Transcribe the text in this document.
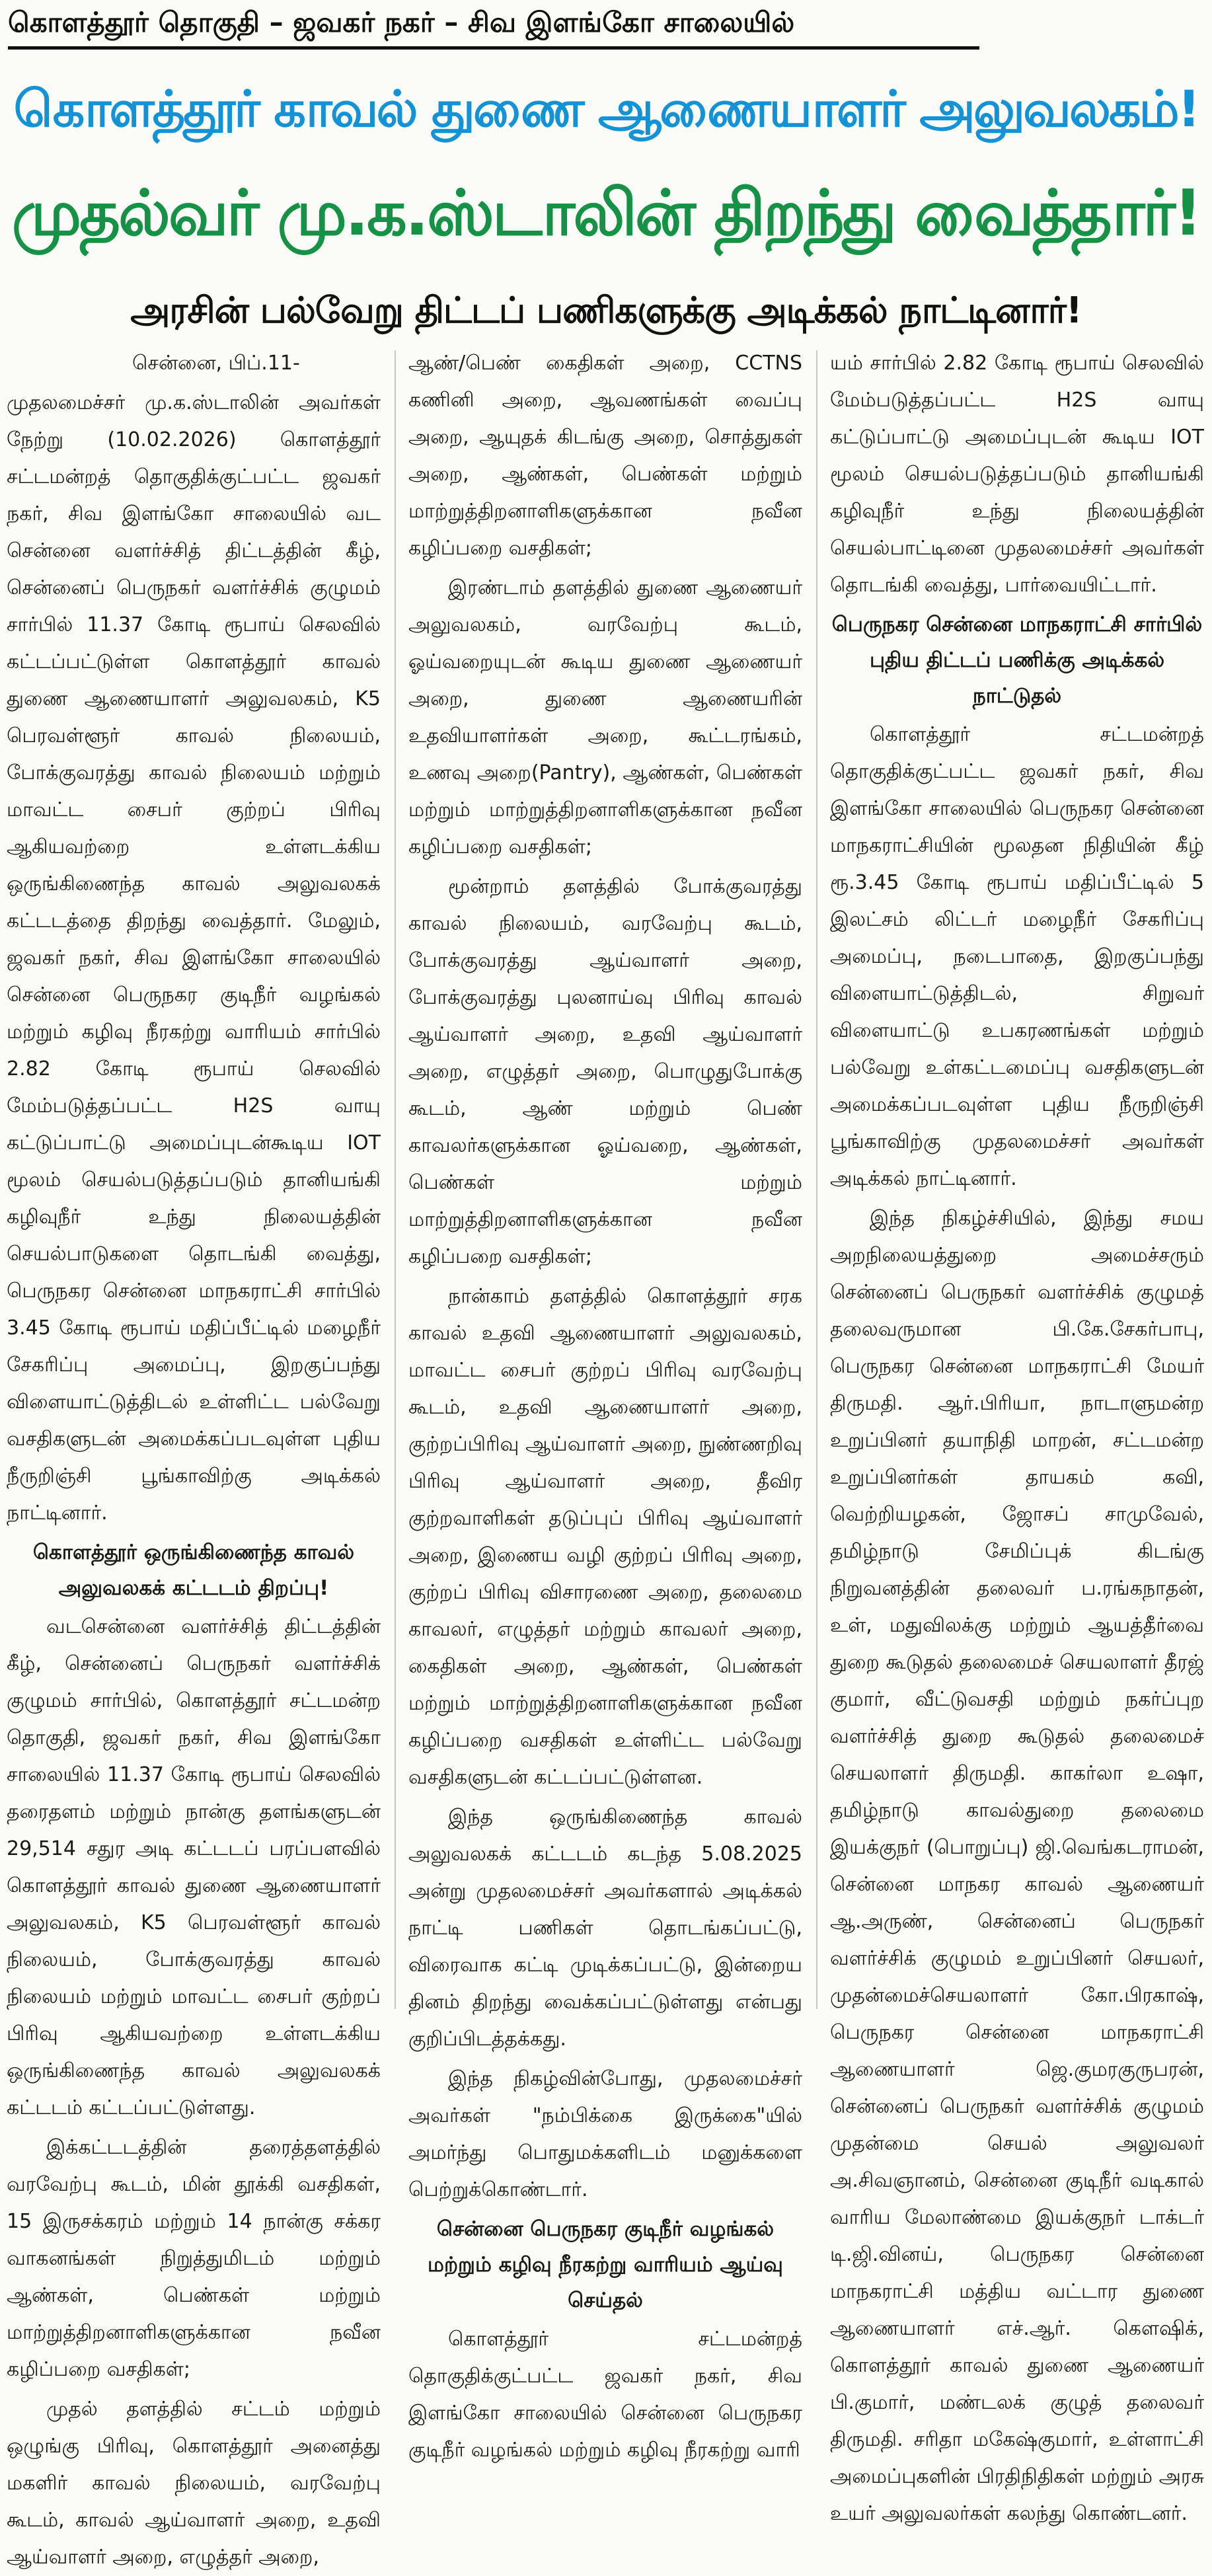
கொளத்தூர் தொகுதி – ஜவகர் நகர் – சிவ இளங்கோ சாலையில்
கொளத்தூர் காவல் துணை ஆணையாளர் அலுவலகம்!
முதல்வர் மு.க.ஸ்டாலின் திறந்து வைத்தார்!
அரசின் பல்வேறு திட்டப் பணிகளுக்கு அடிக்கல் நாட்டினார்!

சென்னை, பிப்.11-

முதலமைச்சர் மு.க.ஸ்டாலின் அவர்கள் நேற்று (10.02.2026) கொளத்தூர் சட்டமன்றத் தொகுதிக்குட்பட்ட ஜவகர் நகர், சிவ இளங்கோ சாலையில் வட சென்னை வளர்ச்சித் திட்டத்தின் கீழ், சென்னைப் பெருநகர் வளர்ச்சிக் குழுமம் சார்பில் 11.37 கோடி ரூபாய் செலவில் கட்டப்பட்டுள்ள கொளத்தூர் காவல் துணை ஆணையாளர் அலுவலகம், K5 பெரவள்ளூர் காவல் நிலையம், போக்குவரத்து காவல் நிலையம் மற்றும் மாவட்ட சைபர் குற்றப் பிரிவு ஆகியவற்றை உள்ளடக்கிய ஒருங்கிணைந்த காவல் அலுவலகக் கட்டடத்தை திறந்து வைத்தார். மேலும், ஜவகர் நகர், சிவ இளங்கோ சாலையில் சென்னை பெருநகர குடிநீர் வழங்கல் மற்றும் கழிவு நீரகற்று வாரியம் சார்பில் 2.82 கோடி ரூபாய் செலவில் மேம்படுத்தப்பட்ட H2S வாயு கட்டுப்பாட்டு அமைப்புடன்கூடிய IOT மூலம் செயல்படுத்தப்படும் தானியங்கி கழிவுநீர் உந்து நிலையத்தின் செயல்பாடுகளை தொடங்கி வைத்து, பெருநகர சென்னை மாநகராட்சி சார்பில் 3.45 கோடி ரூபாய் மதிப்பீட்டில் மழைநீர் சேகரிப்பு அமைப்பு, இறகுப்பந்து விளையாட்டுத்திடல் உள்ளிட்ட பல்வேறு வசதிகளுடன் அமைக்கப்படவுள்ள புதிய நீருறிஞ்சி பூங்காவிற்கு அடிக்கல் நாட்டினார்.

கொளத்தூர் ஒருங்கிணைந்த காவல் அலுவலகக் கட்டடம் திறப்பு!

வடசென்னை வளர்ச்சித் திட்டத்தின் கீழ், சென்னைப் பெருநகர் வளர்ச்சிக் குழுமம் சார்பில், கொளத்தூர் சட்டமன்ற தொகுதி, ஜவகர் நகர், சிவ இளங்கோ சாலையில் 11.37 கோடி ரூபாய் செலவில் தரைதளம் மற்றும் நான்கு தளங்களுடன் 29,514 சதுர அடி கட்டடப் பரப்பளவில் கொளத்தூர் காவல் துணை ஆணையாளர் அலுவலகம், K5 பெரவள்ளூர் காவல் நிலையம், போக்குவரத்து காவல் நிலையம் மற்றும் மாவட்ட சைபர் குற்றப் பிரிவு ஆகியவற்றை உள்ளடக்கிய ஒருங்கிணைந்த காவல் அலுவலகக் கட்டடம் கட்டப்பட்டுள்ளது.

இக்கட்டடத்தின் தரைத்தளத்தில் வரவேற்பு கூடம், மின் தூக்கி வசதிகள், 15 இருசக்கரம் மற்றும் 14 நான்கு சக்கர வாகனங்கள் நிறுத்துமிடம் மற்றும் ஆண்கள், பெண்கள் மற்றும் மாற்றுத்திறனாளிகளுக்கான நவீன கழிப்பறை வசதிகள்;

முதல் தளத்தில் சட்டம் மற்றும் ஒழுங்கு பிரிவு, கொளத்தூர் அனைத்து மகளிர் காவல் நிலையம், வரவேற்பு கூடம், காவல் ஆய்வாளர் அறை, உதவி ஆய்வாளர் அறை, எழுத்தர் அறை,

ஆண்/பெண் கைதிகள் அறை, CCTNS கணினி அறை, ஆவணங்கள் வைப்பு அறை, ஆயுதக் கிடங்கு அறை, சொத்துகள் அறை, ஆண்கள், பெண்கள் மற்றும் மாற்றுத்திறனாளிகளுக்கான நவீன கழிப்பறை வசதிகள்;

இரண்டாம் தளத்தில் துணை ஆணையர் அலுவலகம், வரவேற்பு கூடம், ஓய்வறையுடன் கூடிய துணை ஆணையர் அறை, துணை ஆணையரின் உதவியாளர்கள் அறை, கூட்டரங்கம், உணவு அறை(Pantry), ஆண்கள், பெண்கள் மற்றும் மாற்றுத்திறனாளிகளுக்கான நவீன கழிப்பறை வசதிகள்;

மூன்றாம் தளத்தில் போக்குவரத்து காவல் நிலையம், வரவேற்பு கூடம், போக்குவரத்து ஆய்வாளர் அறை, போக்குவரத்து புலனாய்வு பிரிவு காவல் ஆய்வாளர் அறை, உதவி ஆய்வாளர் அறை, எழுத்தர் அறை, பொழுதுபோக்கு கூடம், ஆண் மற்றும் பெண் காவலர்களுக்கான ஓய்வறை, ஆண்கள், பெண்கள் மற்றும் மாற்றுத்திறனாளிகளுக்கான நவீன கழிப்பறை வசதிகள்;

நான்காம் தளத்தில் கொளத்தூர் சரக காவல் உதவி ஆணையாளர் அலுவலகம், மாவட்ட சைபர் குற்றப் பிரிவு வரவேற்பு கூடம், உதவி ஆணையாளர் அறை, குற்றப்பிரிவு ஆய்வாளர் அறை, நுண்ணறிவு பிரிவு ஆய்வாளர் அறை, தீவிர குற்றவாளிகள் தடுப்புப் பிரிவு ஆய்வாளர் அறை, இணைய வழி குற்றப் பிரிவு அறை, குற்றப் பிரிவு விசாரணை அறை, தலைமை காவலர், எழுத்தர் மற்றும் காவலர் அறை, கைதிகள் அறை, ஆண்கள், பெண்கள் மற்றும் மாற்றுத்திறனாளிகளுக்கான நவீன கழிப்பறை வசதிகள் உள்ளிட்ட பல்வேறு வசதிகளுடன் கட்டப்பட்டுள்ளன.

இந்த ஒருங்கிணைந்த காவல் அலுவலகக் கட்டடம் கடந்த 5.08.2025 அன்று முதலமைச்சர் அவர்களால் அடிக்கல் நாட்டி பணிகள் தொடங்கப்பட்டு, விரைவாக கட்டி முடிக்கப்பட்டு, இன்றைய தினம் திறந்து வைக்கப்பட்டுள்ளது என்பது குறிப்பிடத்தக்கது.

இந்த நிகழ்வின்போது, முதலமைச்சர் அவர்கள் "நம்பிக்கை இருக்கை"யில் அமர்ந்து பொதுமக்களிடம் மனுக்களை பெற்றுக்கொண்டார்.

சென்னை பெருநகர குடிநீர் வழங்கல் மற்றும் கழிவு நீரகற்று வாரியம் ஆய்வு செய்தல்

கொளத்தூர் சட்டமன்றத் தொகுதிக்குட்பட்ட ஜவகர் நகர், சிவ இளங்கோ சாலையில் சென்னை பெருநகர குடிநீர் வழங்கல் மற்றும் கழிவு நீரகற்று வாரி

யம் சார்பில் 2.82 கோடி ரூபாய் செலவில் மேம்படுத்தப்பட்ட H2S வாயு கட்டுப்பாட்டு அமைப்புடன் கூடிய IOT மூலம் செயல்படுத்தப்படும் தானியங்கி கழிவுநீர் உந்து நிலையத்தின் செயல்பாட்டினை முதலமைச்சர் அவர்கள் தொடங்கி வைத்து, பார்வையிட்டார்.

பெருநகர சென்னை மாநகராட்சி சார்பில் புதிய திட்டப் பணிக்கு அடிக்கல் நாட்டுதல்

கொளத்தூர் சட்டமன்றத் தொகுதிக்குட்பட்ட ஜவகர் நகர், சிவ இளங்கோ சாலையில் பெருநகர சென்னை மாநகராட்சியின் மூலதன நிதியின் கீழ் ரூ.3.45 கோடி ரூபாய் மதிப்பீட்டில் 5 இலட்சம் லிட்டர் மழைநீர் சேகரிப்பு அமைப்பு, நடைபாதை, இறகுப்பந்து விளையாட்டுத்திடல், சிறுவர் விளையாட்டு உபகரணங்கள் மற்றும் பல்வேறு உள்கட்டமைப்பு வசதிகளுடன் அமைக்கப்படவுள்ள புதிய நீருறிஞ்சி பூங்காவிற்கு முதலமைச்சர் அவர்கள் அடிக்கல் நாட்டினார்.

இந்த நிகழ்ச்சியில், இந்து சமய அறநிலையத்துறை அமைச்சரும் சென்னைப் பெருநகர் வளர்ச்சிக் குழுமத் தலைவருமான பி.கே.சேகர்பாபு, பெருநகர சென்னை மாநகராட்சி மேயர் திருமதி. ஆர்.பிரியா, நாடாளுமன்ற உறுப்பினர் தயாநிதி மாறன், சட்டமன்ற உறுப்பினர்கள் தாயகம் கவி, வெற்றியழகன், ஜோசப் சாமுவேல், தமிழ்நாடு சேமிப்புக் கிடங்கு நிறுவனத்தின் தலைவர் ப.ரங்கநாதன், உள், மதுவிலக்கு மற்றும் ஆயத்தீர்வை துறை கூடுதல் தலைமைச் செயலாளர் தீரஜ் குமார், வீட்டுவசதி மற்றும் நகர்ப்புற வளர்ச்சித் துறை கூடுதல் தலைமைச் செயலாளர் திருமதி. காகர்லா உஷா, தமிழ்நாடு காவல்துறை தலைமை இயக்குநர் (பொறுப்பு) ஜி.வெங்கடராமன், சென்னை மாநகர காவல் ஆணையர் ஆ.அருண், சென்னைப் பெருநகர் வளர்ச்சிக் குழுமம் உறுப்பினர் செயலர், முதன்மைச்செயலாளர் கோ.பிரகாஷ், பெருநகர சென்னை மாநகராட்சி ஆணையாளர் ஜெ.குமரகுருபரன், சென்னைப் பெருநகர் வளர்ச்சிக் குழுமம் முதன்மை செயல் அலுவலர் அ.சிவஞானம், சென்னை குடிநீர் வடிகால் வாரிய மேலாண்மை இயக்குநர் டாக்டர் டி.ஜி.வினய், பெருநகர சென்னை மாநகராட்சி மத்திய வட்டார துணை ஆணையாளர் எச்.ஆர். கௌஷிக், கொளத்தூர் காவல் துணை ஆணையர் பி.குமார், மண்டலக் குழுத் தலைவர் திருமதி. சரிதா மகேஷ்குமார், உள்ளாட்சி அமைப்புகளின் பிரதிநிதிகள் மற்றும் அரசு உயர் அலுவலர்கள் கலந்து கொண்டனர்.
